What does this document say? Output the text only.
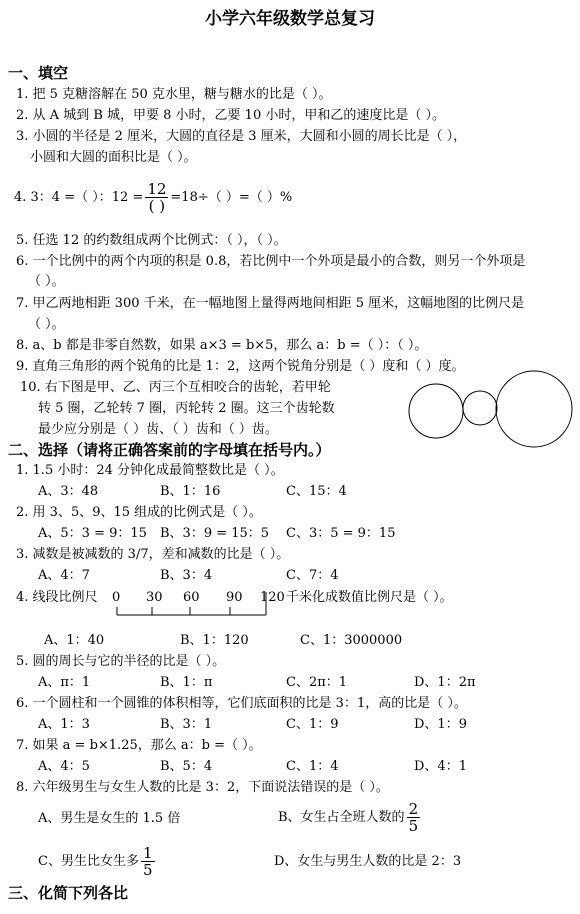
小学六年级数学总复习
一、填空
1. 把 5 克糖溶解在 50 克水里，糖与糖水的比是（ ）。
2. 从 A 城到 B 城，甲要 8 小时，乙要 10 小时，甲和乙的速度比是（ ）。
3. 小圆的半径是 2 厘米，大圆的直径是 3 厘米，大圆和小圆的周长比是（ ），
小圆和大圆的面积比是（ ）。
4. 3：4 =（ ）：$12 = \frac{12}{( )} =18\div$（ ）=（ ）%
5. 任选 12 的约数组成两个比例式：（ ），（ ）。
6. 一个比例中的两个内项的积是 0.8，若比例中一个外项是最小的合数，则另一个外项是
（ ）。
7. 甲乙两地相距 300 千米，在一幅地图上量得两地间相距 5 厘米，这幅地图的比例尺是
（ ）。
8. a、b 都是非零自然数，如果 a×3 = b×5，那么 a：b =（ ）：（ ）。
9. 直角三角形的两个锐角的比是 1：2，这两个锐角分别是（ ）度和（ ）度。
10. 右下图是甲、乙、丙三个互相咬合的齿轮，若甲轮
转 5 圈，乙轮转 7 圈，丙轮转 2 圈。这三个齿轮数
最少应分别是（ ）齿、（ ）齿和（ ）齿。
二、选择（请将正确答案前的字母填在括号内。）
1. 1.5 小时：24 分钟化成最简整数比是（ ）。
A、3：48	B、1：16	C、15：4
2. 用 3、5、9、15 组成的比例式是（ ）。
A、5：3 = 9：15 B、3：9 = 15：5 C、3：5 = 9：15
3. 减数是被减数的 3/7，差和减数的比是（ ）。
A、4：7	B、3：4	C、7：4
4. 线段比例尺 0 30 60 90 120 千米化成数值比例尺是（ ）。
A、1：40	B、1：120	C、1：3000000
5. 圆的周长与它的半径的比是（ ）。
A、π：1	B、1：π	C、2π：1	D、1：2π
6. 一个圆柱和一个圆锥的体积相等，它们底面积的比是 3：1，高的比是（ ）。
A、1：3	B、3：1	C、1：9	D、1：9
7. 如果 a = b×1.25，那么 a：b =（ ）。
A、4：5	B、5：4	C、1：4	D、4：1
8. 六年级男生与女生人数的比是 3：2，下面说法错误的是（ ）。
A、男生是女生的 1.5 倍	B、女生占全班人数的 $\frac{2}{5}$
C、男生比女生多 $\frac{1}{5}$	D、女生与男生人数的比是 2：3
三、化简下列各比
